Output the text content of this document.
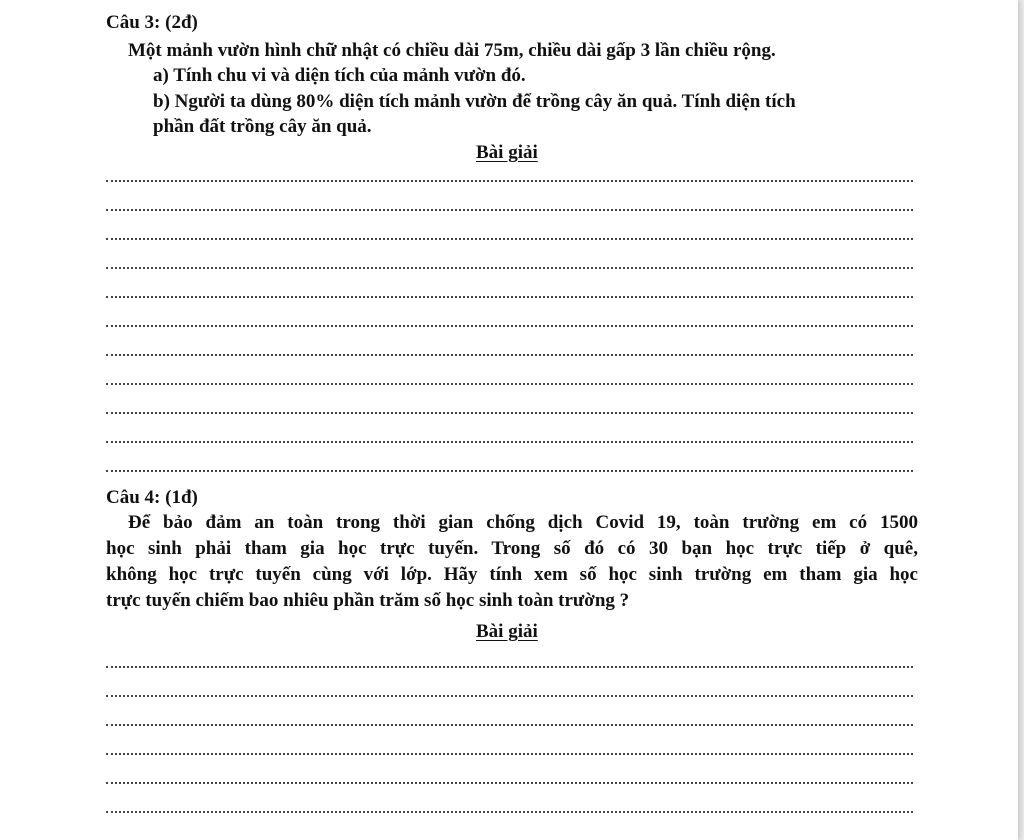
Câu 3: (2đ)
Một mảnh vườn hình chữ nhật có chiều dài 75m, chiều dài gấp 3 lần chiều rộng.
a) Tính chu vi và diện tích của mảnh vườn đó.
b) Người ta dùng 80% diện tích mảnh vườn để trồng cây ăn quả. Tính diện tích
phần đất trồng cây ăn quả.
Bài giải
Câu 4: (1đ)
Để bảo đảm an toàn trong thời gian chống dịch Covid 19, toàn trường em có 1500
học sinh phải tham gia học trực tuyến. Trong số đó có 30 bạn học trực tiếp ở quê,
không học trực tuyến cùng với lớp. Hãy tính xem số học sinh trường em tham gia học
trực tuyến chiếm bao nhiêu phần trăm số học sinh toàn trường ?
Bài giải
